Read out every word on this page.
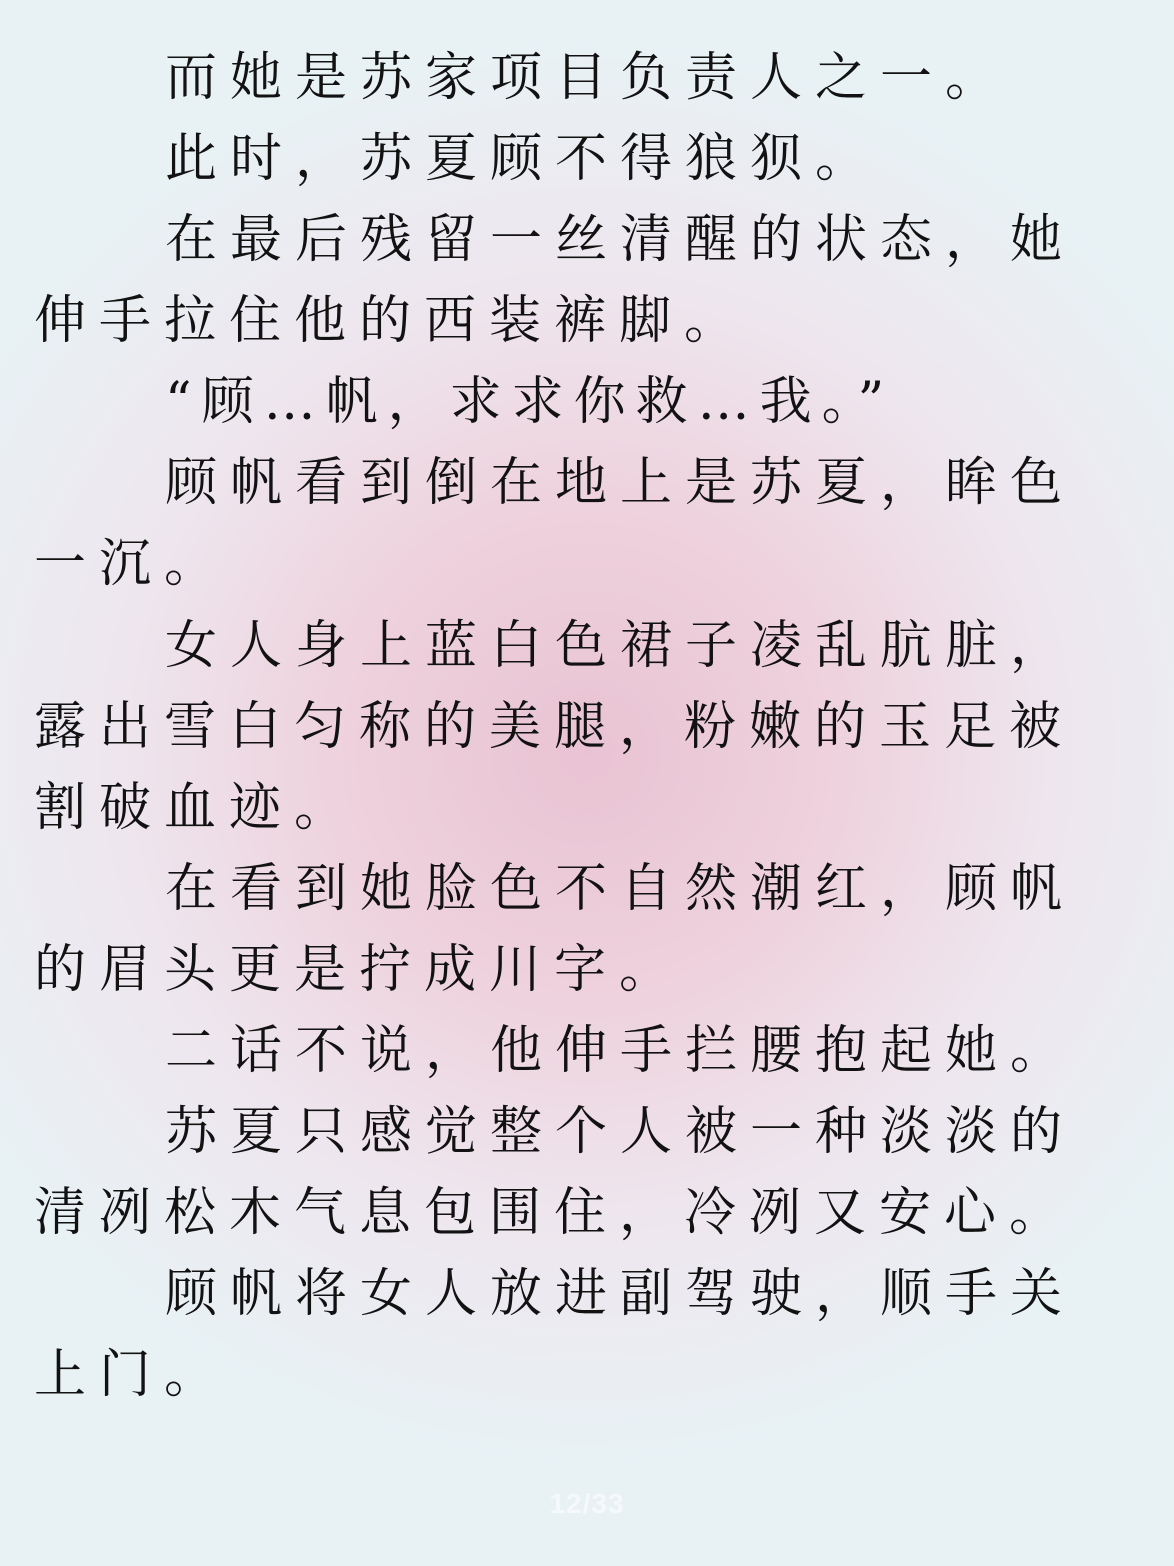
而她是苏家项目负责人之一。
此时，苏夏顾不得狼狈。
在最后残留一丝清醒的状态，她
伸手拉住他的西装裤脚。
“顾…帆，求求你救…我。”
顾帆看到倒在地上是苏夏，眸色
一沉。
女人身上蓝白色裙子凌乱肮脏，
露出雪白匀称的美腿，粉嫩的玉足被
割破血迹。
在看到她脸色不自然潮红，顾帆
的眉头更是拧成川字。
二话不说，他伸手拦腰抱起她。
苏夏只感觉整个人被一种淡淡的
清冽松木气息包围住，冷冽又安心。
顾帆将女人放进副驾驶，顺手关
上门。
12/33
